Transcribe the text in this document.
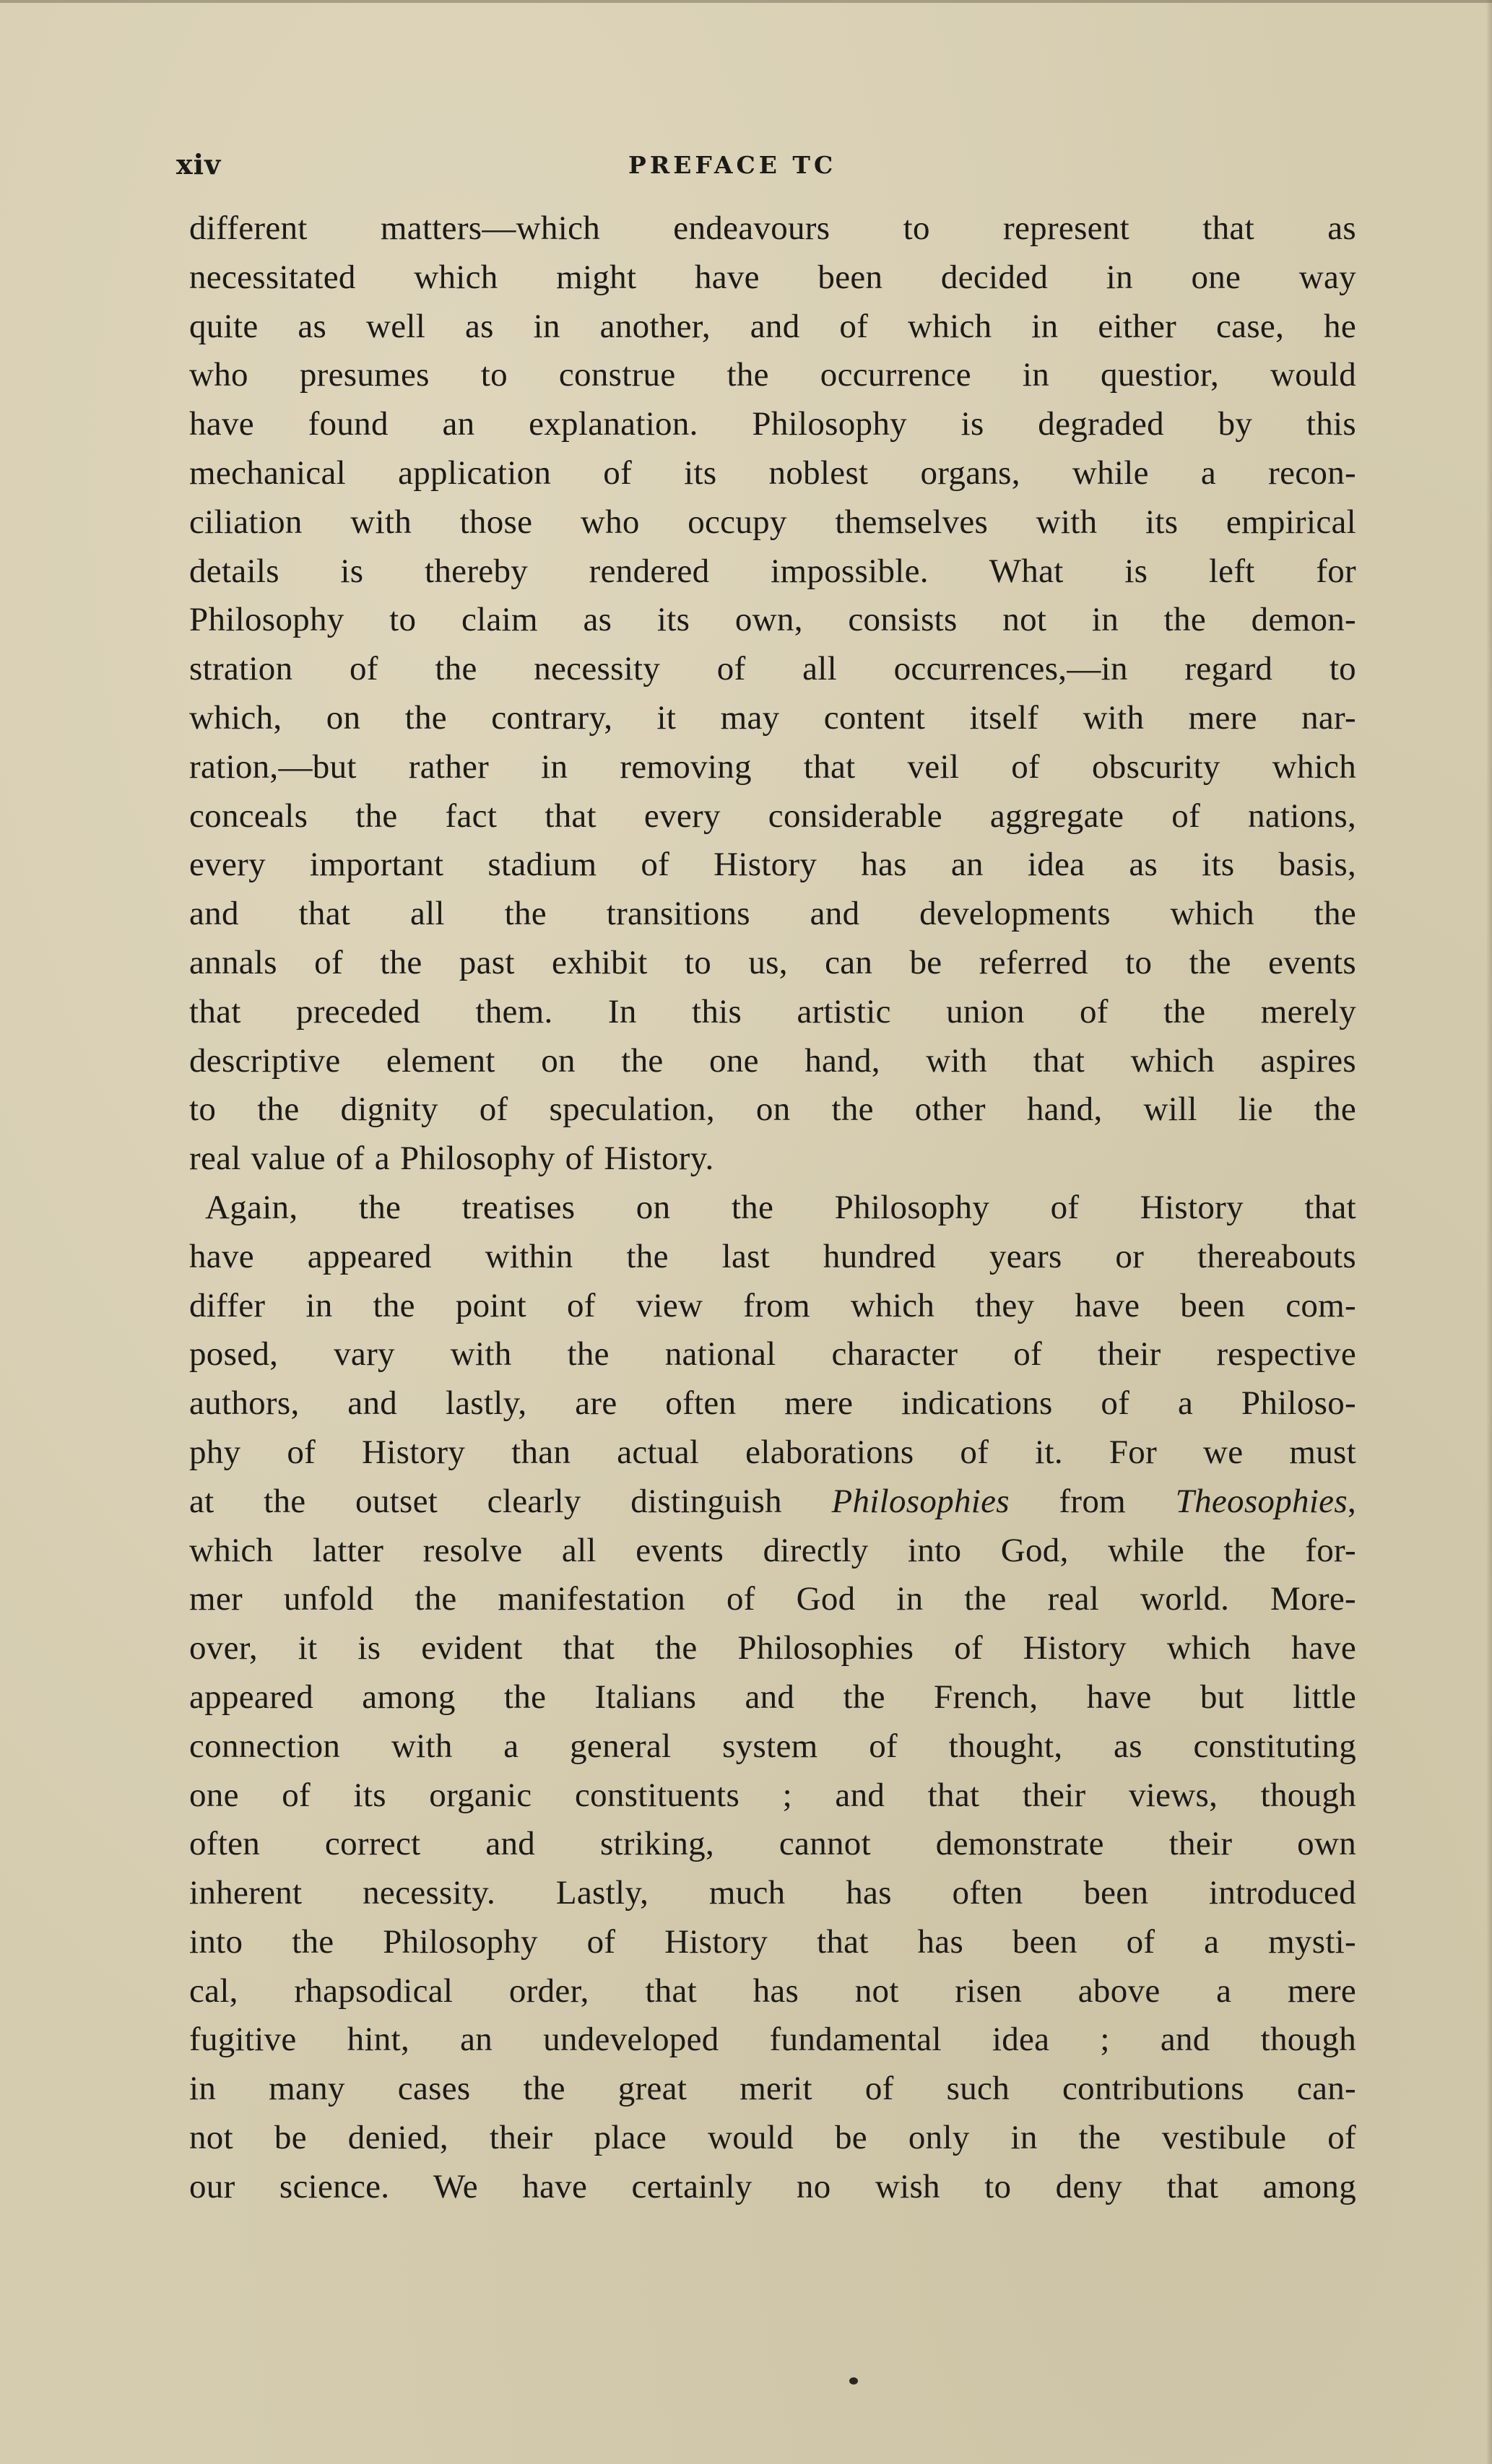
xiv	PREFACE TC
different matters—which endeavours to represent that as
necessitated which might have been decided in one way
quite as well as in another, and of which in either case, he
who presumes to construe the occurrence in questior, would
have found an explanation. Philosophy is degraded by this
mechanical application of its noblest organs, while a recon-
ciliation with those who occupy themselves with its empirical
details is thereby rendered impossible. What is left for
Philosophy to claim as its own, consists not in the demon-
stration of the necessity of all occurrences,—in regard to
which, on the contrary, it may content itself with mere nar-
ration,—but rather in removing that veil of obscurity which
conceals the fact that every considerable aggregate of nations,
every important stadium of History has an idea as its basis,
and that all the transitions and developments which the
annals of the past exhibit to us, can be referred to the events
that preceded them. In this artistic union of the merely
descriptive element on the one hand, with that which aspires
to the dignity of speculation, on the other hand, will lie the
real value of a Philosophy of History.
Again, the treatises on the Philosophy of History that
have appeared within the last hundred years or thereabouts
differ in the point of view from which they have been com-
posed, vary with the national character of their respective
authors, and lastly, are often mere indications of a Philoso-
phy of History than actual elaborations of it. For we must
at the outset clearly distinguish Philosophies from Theosophies,
which latter resolve all events directly into God, while the for-
mer unfold the manifestation of God in the real world. More-
over, it is evident that the Philosophies of History which have
appeared among the Italians and the French, have but little
connection with a general system of thought, as constituting
one of its organic constituents ; and that their views, though
often correct and striking, cannot demonstrate their own
inherent necessity. Lastly, much has often been introduced
into the Philosophy of History that has been of a mysti-
cal, rhapsodical order, that has not risen above a mere
fugitive hint, an undeveloped fundamental idea ; and though
in many cases the great merit of such contributions can-
not be denied, their place would be only in the vestibule of
our science. We have certainly no wish to deny that among
